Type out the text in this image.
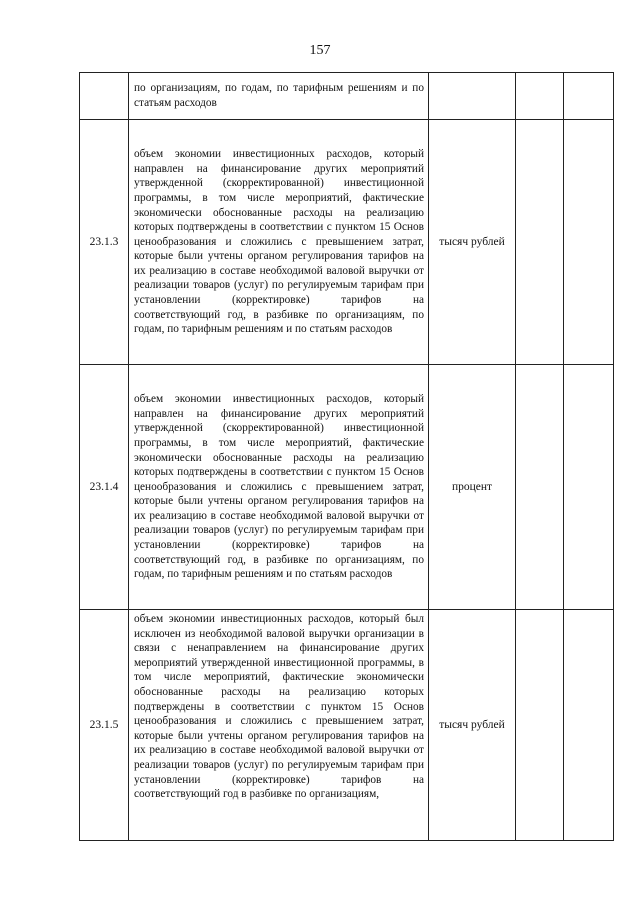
157

	по организациям, по годам, по тарифным решениям и по статьям расходов			

23.1.3	объем экономии инвестиционных расходов, который направлен на финансирование других мероприятий утвержденной (скорректированной) инвестиционной программы, в том числе мероприятий, фактические экономически обоснованные расходы на реализацию которых подтверждены в соответствии с пунктом 15 Основ ценообразования и сложились с превышением затрат, которые были учтены органом регулирования тарифов на их реализацию в составе необходимой валовой выручки от реализации товаров (услуг) по регулируемым тарифам при установлении (корректировке) тарифов на соответствующий год, в разбивке по организациям, по годам, по тарифным решениям и по статьям расходов	тысяч рублей		
23.1.4	объем экономии инвестиционных расходов, который направлен на финансирование других мероприятий утвержденной (скорректированной) инвестиционной программы, в том числе мероприятий, фактические экономически обоснованные расходы на реализацию которых подтверждены в соответствии с пунктом 15 Основ ценообразования и сложились с превышением затрат, которые были учтены органом регулирования тарифов на их реализацию в составе необходимой валовой выручки от реализации товаров (услуг) по регулируемым тарифам при установлении (корректировке) тарифов на соответствующий год, в разбивке по организациям, по годам, по тарифным решениям и по статьям расходов	процент		
23.1.5	объем экономии инвестиционных расходов, который был исключен из необходимой валовой выручки организации в связи с ненаправлением на финансирование других мероприятий утвержденной инвестиционной программы, в том числе мероприятий, фактические экономически обоснованные расходы на реализацию которых подтверждены в соответствии с пунктом 15 Основ ценообразования и сложились с превышением затрат, которые были учтены органом регулирования тарифов на их реализацию в составе необходимой валовой выручки от реализации товаров (услуг) по регулируемым тарифам при установлении (корректировке) тарифов на соответствующий год в разбивке по организациям,	тысяч рублей		
